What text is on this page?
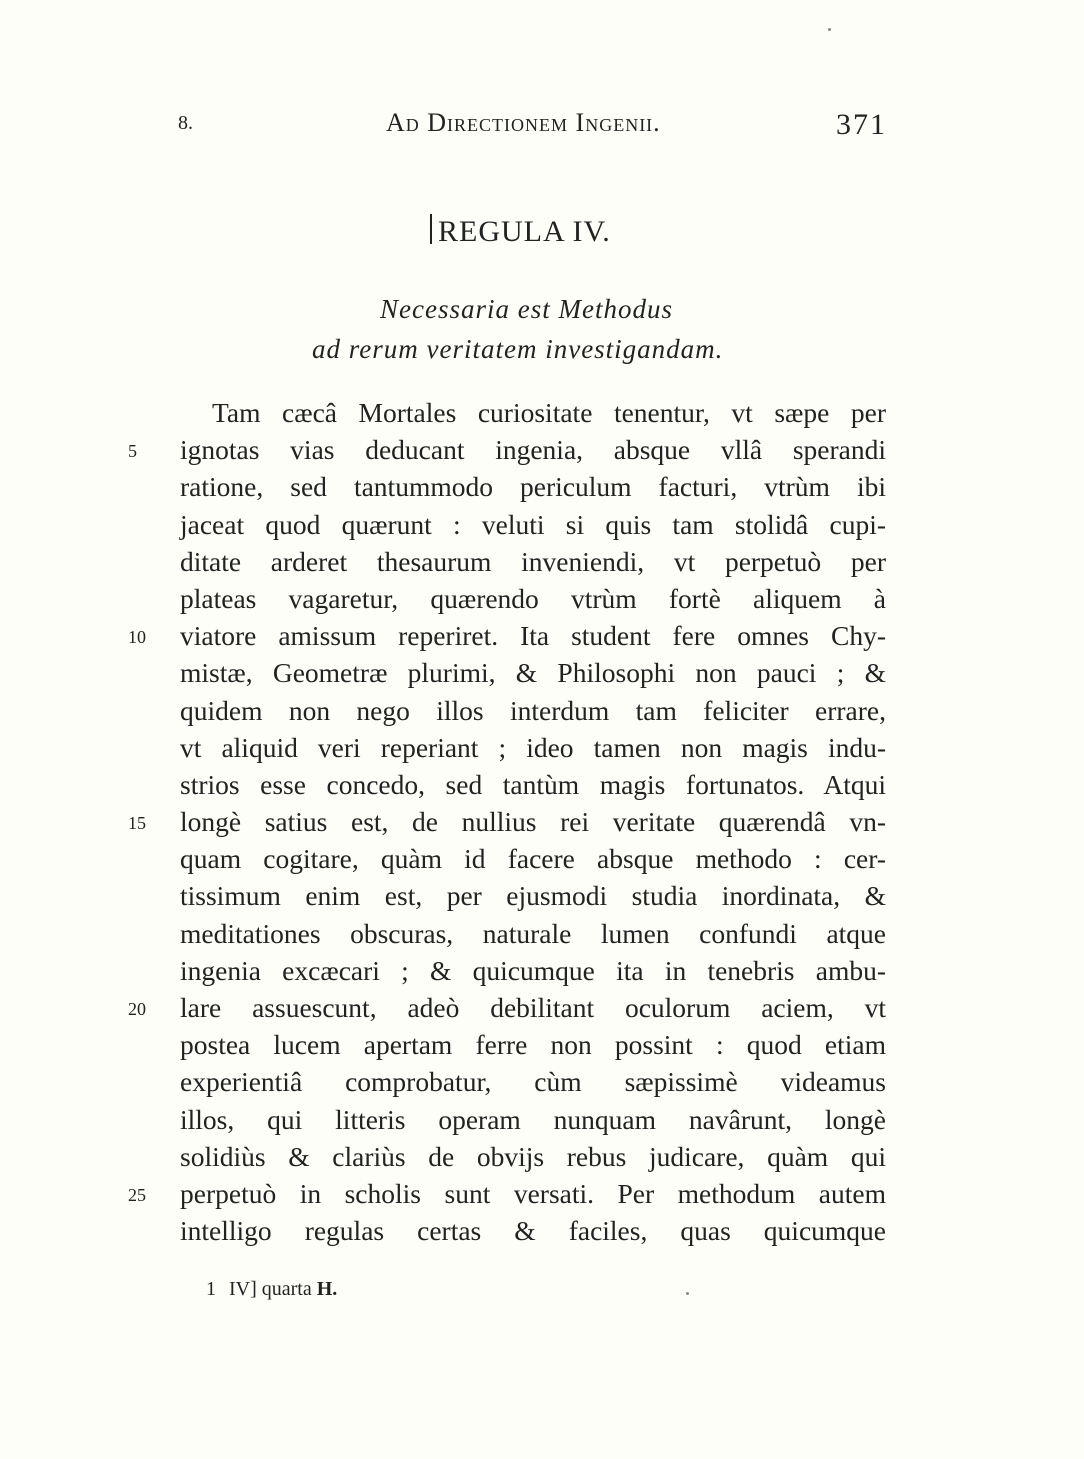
8.	Ad Directionem Ingenii.	371
REGULA IV.
Necessaria est Methodus
ad rerum veritatem investigandam.
Tam cæcâ Mortales curiositate tenentur, vt sæpe per
ignotas vias deducant ingenia, absque vllâ sperandi
5
ratione, sed tantummodo periculum facturi, vtrùm ibi
jaceat quod quærunt : veluti si quis tam stolidâ cupi-
ditate arderet thesaurum inveniendi, vt perpetuò per
plateas vagaretur, quærendo vtrùm fortè aliquem à
viatore amissum reperiret. Ita student fere omnes Chy-
10
mistæ, Geometræ plurimi, & Philosophi non pauci ; &
quidem non nego illos interdum tam feliciter errare,
vt aliquid veri reperiant ; ideo tamen non magis indu-
strios esse concedo, sed tantùm magis fortunatos. Atqui
longè satius est, de nullius rei veritate quærendâ vn-
15
quam cogitare, quàm id facere absque methodo : cer-
tissimum enim est, per ejusmodi studia inordinata, &
meditationes obscuras, naturale lumen confundi atque
ingenia excæcari ; & quicumque ita in tenebris ambu-
lare assuescunt, adeò debilitant oculorum aciem, vt
20
postea lucem apertam ferre non possint : quod etiam
experientiâ comprobatur, cùm sæpissimè videamus
illos, qui litteris operam nunquam navârunt, longè
solidiùs & clariùs de obvijs rebus judicare, quàm qui
perpetuò in scholis sunt versati. Per methodum autem
25
intelligo regulas certas & faciles, quas quicumque
1 IV] quarta H.
